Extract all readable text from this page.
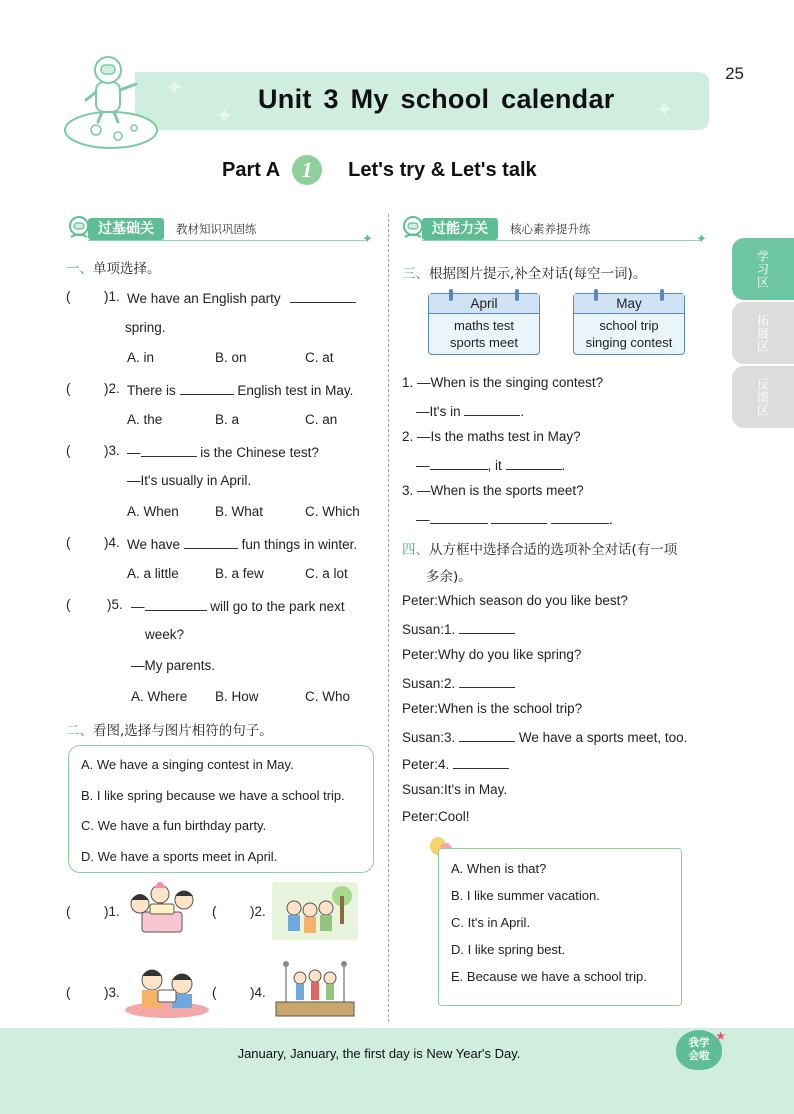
✦
✦
✦
Unit 3 My school calendar
25
Part A 1	Let's try & Let's talk
学习区
拓展区
反馈区
过基础关	教材知识巩固练
✦
过能力关	核心素养提升练
✦
一、单项选择。
( )1. We have an English party
spring.
A. in	B. on	C. at
( )2. There is	English test in May.
A. the	B. a	C. an
( )3. —	is the Chinese test?
—It's usually in April.
A. When	B. What	C. Which
( )4. We have	fun things in winter.
A. a little	B. a few	C. a lot
(	)5. —	will go to the park next
week?
—My parents.
A. Where B. How	C. Who
二、看图,选择与图片相符的句子。
A. We have a singing contest in May.
B. I like spring because we have a school trip.
C. We have a fun birthday party.
D. We have a sports meet in April.
( )1.	( )2.
( )3.	( )4.
三、根据图片提示,补全对话(每空一词)。
April
maths test
sports meet
May
school trip
singing contest
1. —When is the singing contest?
—It's in	.
2. —Is the maths test in May?
—	, it	.
3. —When is the sports meet?
—	.
四、从方框中选择合适的选项补全对话(有一项
多余)。
Peter:Which season do you like best?
Susan:1.
Peter:Why do you like spring?
Susan:2.
Peter:When is the school trip?
Susan:3.	We have a sports meet, too.
Peter:4.
Susan:It's in May.
Peter:Cool!
A. When is that?
B. I like summer vacation.
C. It's in April.
D. I like spring best.
E. Because we have a school trip.
January, January, the first day is New Year's Day.
我学
会啦
★
